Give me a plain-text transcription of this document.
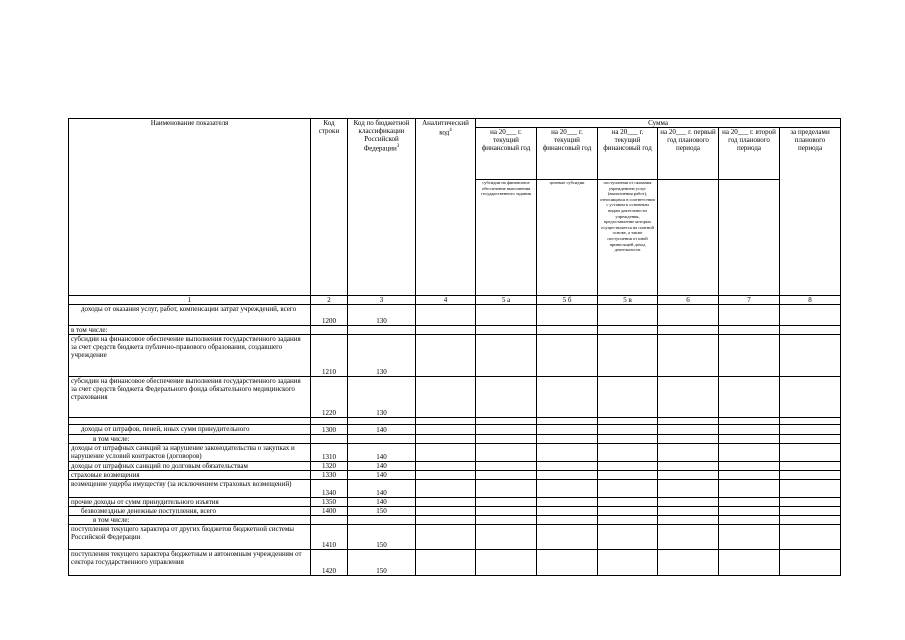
Наименование показателя	Код строки	Код по бюджетной классификации Российской Федерации$^3$	Аналитический код$^4$	Сумма					
				на 20___ г. текущий финансовый год	на 20___ г. текущий финансовый год	на 20___ г. текущий финансовый год	на 20___ г. первый год планового периода	на 20___ г. второй год планового периода	за пределами планового периода
				субсидии на финансовое обеспечение выполнения государственного задания	целевые субсидии	поступления от оказания учреждением услуг (выполнения работ), относящихся в соответствии с уставом к основным видам деятельности учреждения, предоставление которых осуществляется на платной основе, а также поступления от иной приносящей доход деятельности			
1	2	3	4	5 а	5 б	5 в	6	7	8
доходы от оказания услуг, работ, компенсации затрат учреждений, всего	1200	130							
в том числе:									
субсидии на финансовое обеспечение выполнения государственного задания за счет средств бюджета публично-правового образования, создавшего учреждение	1210	130							
субсидии на финансовое обеспечение выполнения государственного задания за счет средств бюджета Федерального фонда обязательного медицинского страхования	1220	130							

доходы от штрафов, пеней, иных сумм принудительного	1300	140							
в том числе:									
доходы от штрафных санкций за нарушение законодательства о закупках и нарушение условий контрактов (договоров)	1310	140							
доходы от штрафных санкций по долговым обязательствам	1320	140							
страховые возмещения	1330	140							
возмещение ущерба имуществу (за исключением страховых возмещений)	1340	140							
прочие доходы от сумм принудительного изъятия	1350	140							
безвозмездные денежные поступления, всего	1400	150							
в том числе:									
поступления текущего характера от других бюджетов бюджетной системы Российской Федерации	1410	150							
поступления текущего характера бюджетным и автономным учреждениям от сектора государственного управления	1420	150							
